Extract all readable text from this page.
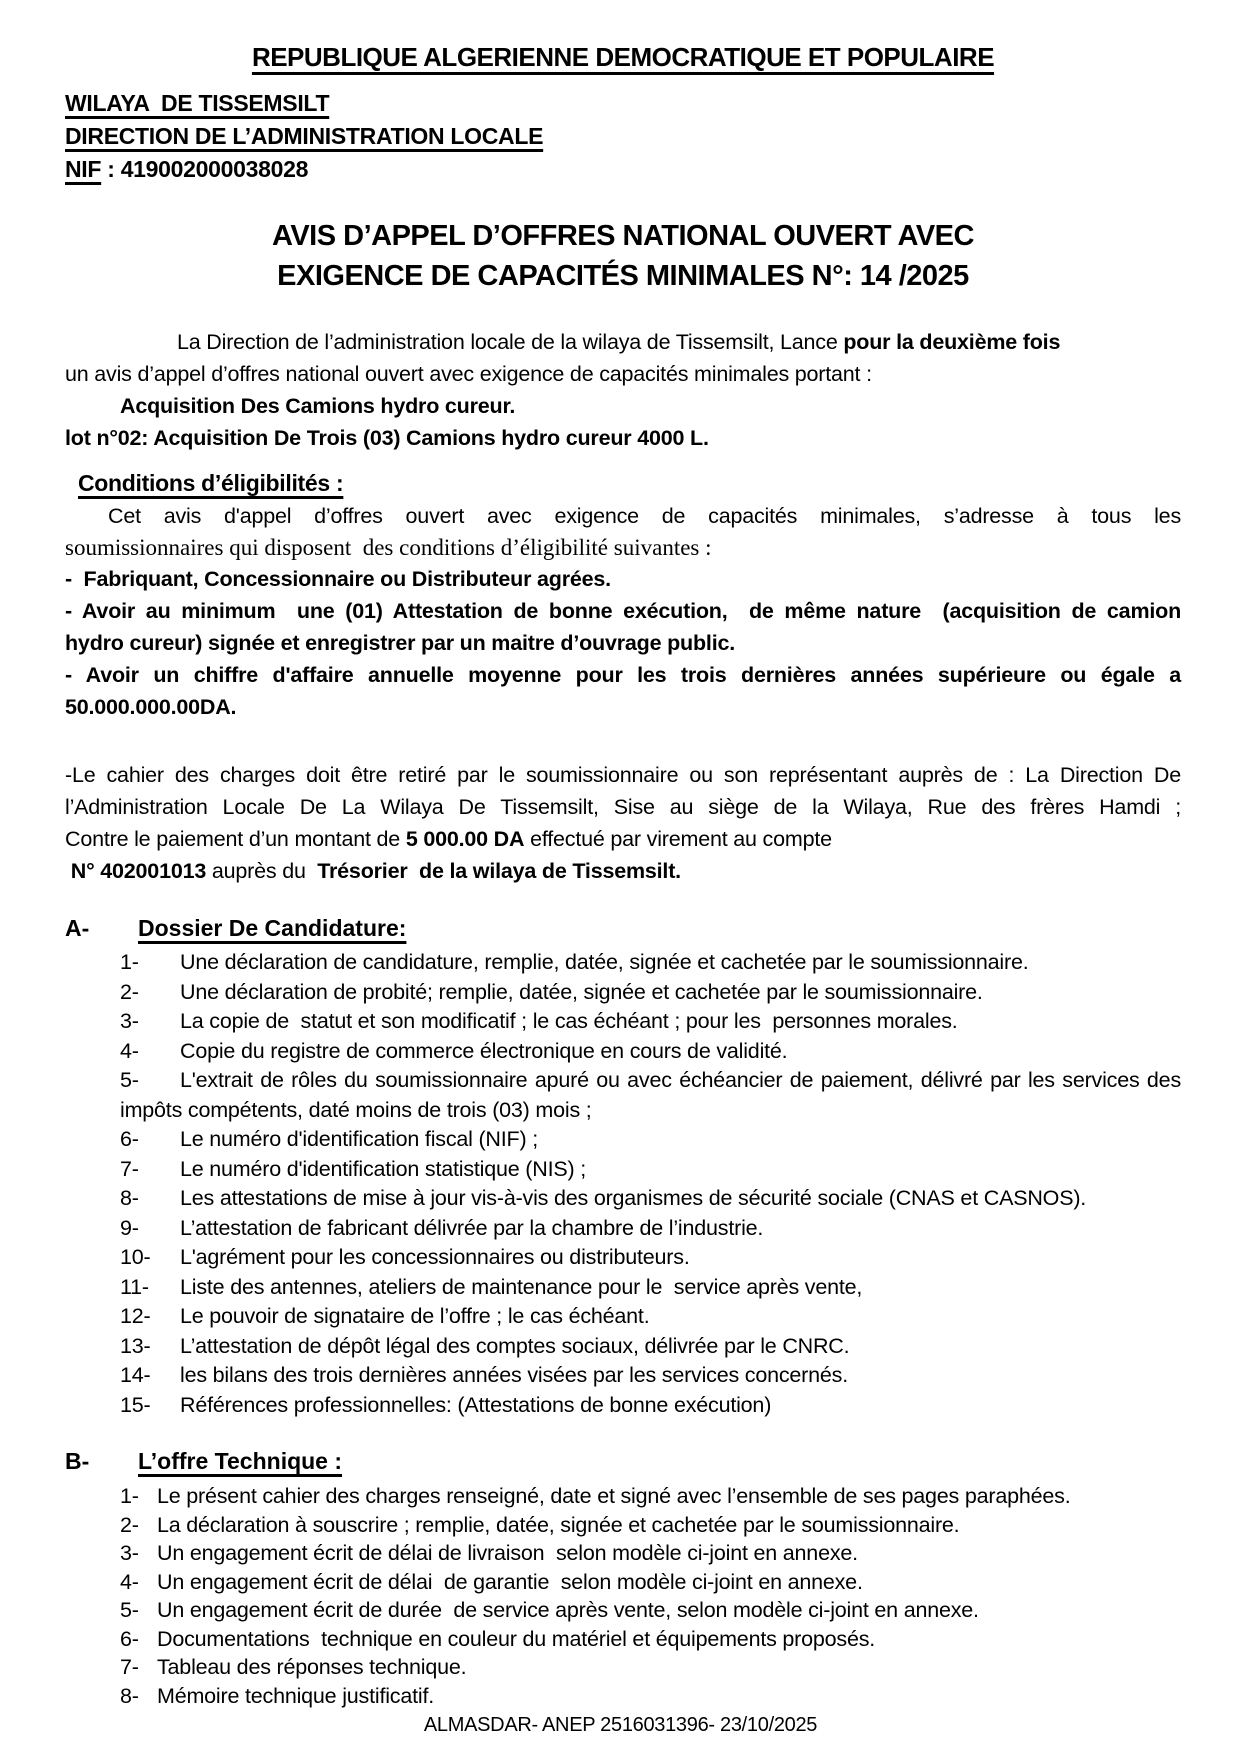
REPUBLIQUE ALGERIENNE DEMOCRATIQUE ET POPULAIRE
WILAYA  DE TISSEMSILT
DIRECTION DE L’ADMINISTRATION LOCALE
NIF : 419002000038028
AVIS D’APPEL D’OFFRES NATIONAL OUVERT AVEC
EXIGENCE DE CAPACITÉS MINIMALES N°: 14 /2025
La Direction de l’administration locale de la wilaya de Tissemsilt, Lance pour la deuxième fois
un avis d’appel d’offres national ouvert avec exigence de capacités minimales portant :
Acquisition Des Camions hydro cureur.
lot n°02: Acquisition De Trois (03) Camions hydro cureur 4000 L.
Conditions d’éligibilités :
Cet avis d'appel d’offres ouvert avec exigence de capacités minimales, s’adresse à tous les
soumissionnaires qui disposent  des conditions d’éligibilité suivantes :
-  Fabriquant, Concessionnaire ou Distributeur agrées.
- Avoir au minimum  une (01) Attestation de bonne exécution,  de même nature  (acquisition de camion
hydro cureur) signée et enregistrer par un maitre d’ouvrage public.
- Avoir un chiffre d'affaire annuelle moyenne pour les trois dernières années supérieure ou égale a
50.000.000.00DA.
-Le cahier des charges doit être retiré par le soumissionnaire ou son représentant auprès de : La Direction De
l’Administration Locale De La Wilaya De Tissemsilt, Sise au siège de la Wilaya, Rue des frères Hamdi ;
Contre le paiement d’un montant de 5 000.00 DA effectué par virement au compte
N° 402001013 auprès du  Trésorier  de la wilaya de Tissemsilt.
A-	Dossier De Candidature:
1- Une déclaration de candidature, remplie, datée, signée et cachetée par le soumissionnaire.
2- Une déclaration de probité; remplie, datée, signée et cachetée par le soumissionnaire.
3- La copie de  statut et son modificatif ; le cas échéant ; pour les  personnes morales.
4- Copie du registre de commerce électronique en cours de validité.
5- L'extrait de rôles du soumissionnaire apuré ou avec échéancier de paiement, délivré par les services des impôts compétents, daté moins de trois (03) mois ;
6- Le numéro d'identification fiscal (NIF) ;
7- Le numéro d'identification statistique (NIS) ;
8- Les attestations de mise à jour vis-à-vis des organismes de sécurité sociale (CNAS et CASNOS).
9- L’attestation de fabricant délivrée par la chambre de l’industrie.
10- L'agrément pour les concessionnaires ou distributeurs.
11- Liste des antennes, ateliers de maintenance pour le  service après vente,
12- Le pouvoir de signataire de l’offre ; le cas échéant.
13- L’attestation de dépôt légal des comptes sociaux, délivrée par le CNRC.
14- les bilans des trois dernières années visées par les services concernés.
15- Références professionnelles: (Attestations de bonne exécution)
B-	L’offre Technique :
1- Le présent cahier des charges renseigné, date et signé avec l’ensemble de ses pages paraphées.
2- La déclaration à souscrire ; remplie, datée, signée et cachetée par le soumissionnaire.
3- Un engagement écrit de délai de livraison  selon modèle ci-joint en annexe.
4- Un engagement écrit de délai  de garantie  selon modèle ci-joint en annexe.
5- Un engagement écrit de durée  de service après vente, selon modèle ci-joint en annexe.
6- Documentations  technique en couleur du matériel et équipements proposés.
7- Tableau des réponses technique.
8- Mémoire technique justificatif.
ALMASDAR- ANEP 2516031396- 23/10/2025
